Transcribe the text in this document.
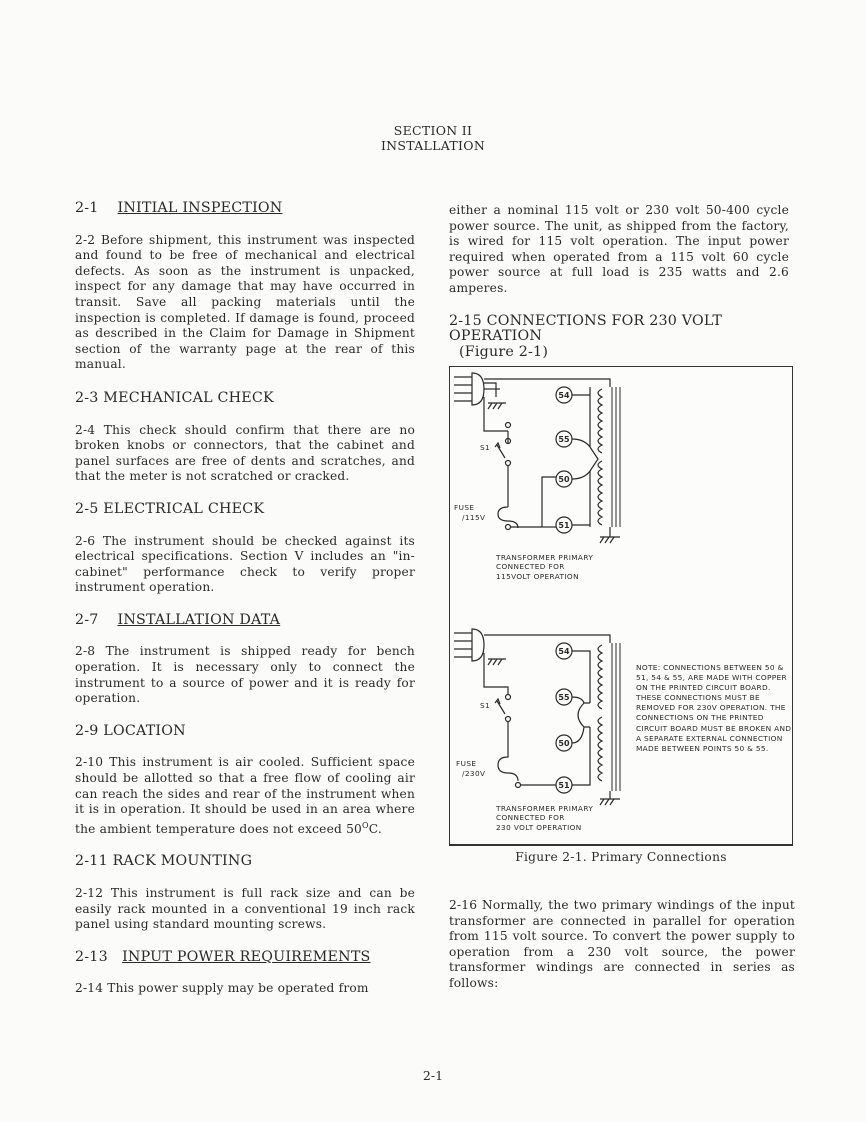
SECTION II
INSTALLATION
2-1 INITIAL INSPECTION

2-2 Before shipment, this instrument was inspected and found to be free of mechanical and electrical defects. As soon as the instrument is unpacked, inspect for any damage that may have occurred in transit. Save all packing materials until the inspection is completed. If damage is found, proceed as described in the Claim for Damage in Shipment section of the warranty page at the rear of this manual.

2-3 MECHANICAL CHECK

2-4 This check should confirm that there are no broken knobs or connectors, that the cabinet and panel surfaces are free of dents and scratches, and that the meter is not scratched or cracked.

2-5 ELECTRICAL CHECK

2-6 The instrument should be checked against its electrical specifications. Section V includes an "in-cabinet" performance check to verify proper instrument operation.

2-7 INSTALLATION DATA

2-8 The instrument is shipped ready for bench operation. It is necessary only to connect the instrument to a source of power and it is ready for operation.

2-9 LOCATION

2-10 This instrument is air cooled. Sufficient space should be allotted so that a free flow of cooling air can reach the sides and rear of the instrument when it is in operation. It should be used in an area where the ambient temperature does not exceed $50^OC$.

2-11 RACK MOUNTING

2-12 This instrument is full rack size and can be easily rack mounted in a conventional 19 inch rack panel using standard mounting screws.

2-13 INPUT POWER REQUIREMENTS

2-14 This power supply may be operated from

either a nominal 115 volt or 230 volt 50-400 cycle power source. The unit, as shipped from the factory, is wired for 115 volt operation. The input power required when operated from a 115 volt 60 cycle power source at full load is 235 watts and 2.6 amperes.

2-15 CONNECTIONS FOR 230 VOLT OPERATION
(Figure 2-1)
54
55
50
51
54
55
50
51
S1
FUSE
/115V
TRANSFORMER PRIMARY
CONNECTED FOR
115VOLT OPERATION
S1
FUSE
/230V
TRANSFORMER PRIMARY
CONNECTED FOR
230 VOLT OPERATION
NOTE: CONNECTIONS BETWEEN 50 & 51, 54 & 55, ARE MADE WITH COPPER ON THE PRINTED CIRCUIT BOARD. THESE CONNECTIONS MUST BE REMOVED FOR 230V OPERATION. THE CONNECTIONS ON THE PRINTED CIRCUIT BOARD MUST BE BROKEN AND A SEPARATE EXTERNAL CONNECTION MADE BETWEEN POINTS 50 & 55.
Figure 2-1. Primary Connections

2-16 Normally, the two primary windings of the input transformer are connected in parallel for operation from 115 volt source. To convert the power supply to operation from a 230 volt source, the power transformer windings are connected in series as follows:

2-1
